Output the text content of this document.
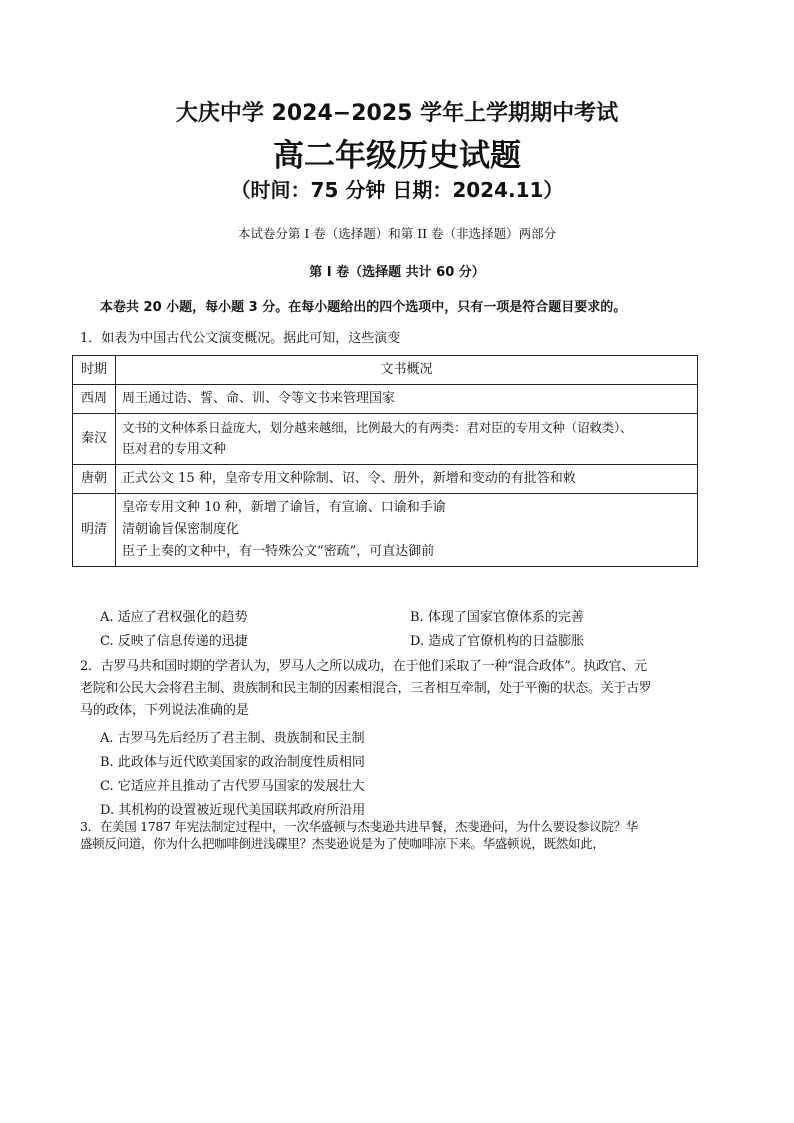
大庆中学 2024−2025 学年上学期期中考试
高二年级历史试题
（时间：75 分钟 日期：2024.11）
本试卷分第 I 卷（选择题）和第 II 卷（非选择题）两部分
第 I 卷（选择题 共计 60 分）
本卷共 20 小题，每小题 3 分。在每小题给出的四个选项中，只有一项是符合题目要求的。
1．如表为中国古代公文演变概况。据此可知，这些演变
时期	文书概况
西周	周王通过诰、誓、命、训、令等文书来管理国家

秦汉	文书的文种体系日益庞大，划分越来越细，比例最大的有两类：君对臣的专用文种（诏敕类）、
臣对君的专用文种

唐朝	正式公文 15 种，皇帝专用文种除制、诏、令、册外，新增和变动的有批答和敕

明清	皇帝专用文种 10 种，新增了谕旨，有宣谕、口谕和手谕
清朝谕旨保密制度化
臣子上奏的文种中，有一特殊公文“密疏”，可直达御前
A. 适应了君权强化的趋势	B. 体现了国家官僚体系的完善
C. 反映了信息传递的迅捷	D. 造成了官僚机构的日益膨胀
2．古罗马共和国时期的学者认为，罗马人之所以成功，在于他们采取了一种“混合政体”。执政官、元
老院和公民大会将君主制、贵族制和民主制的因素相混合，三者相互牵制，处于平衡的状态。关于古罗
马的政体，下列说法准确的是
A. 古罗马先后经历了君主制、贵族制和民主制
B. 此政体与近代欧美国家的政治制度性质相同
C. 它适应并且推动了古代罗马国家的发展壮大
D. 其机构的设置被近现代美国联邦政府所沿用
3．在美国 1787 年宪法制定过程中，一次华盛顿与杰斐逊共进早餐，杰斐逊问，为什么要设参议院？华
盛顿反问道，你为什么把咖啡倒进浅碟里？杰斐逊说是为了使咖啡凉下来。华盛顿说，既然如此，
